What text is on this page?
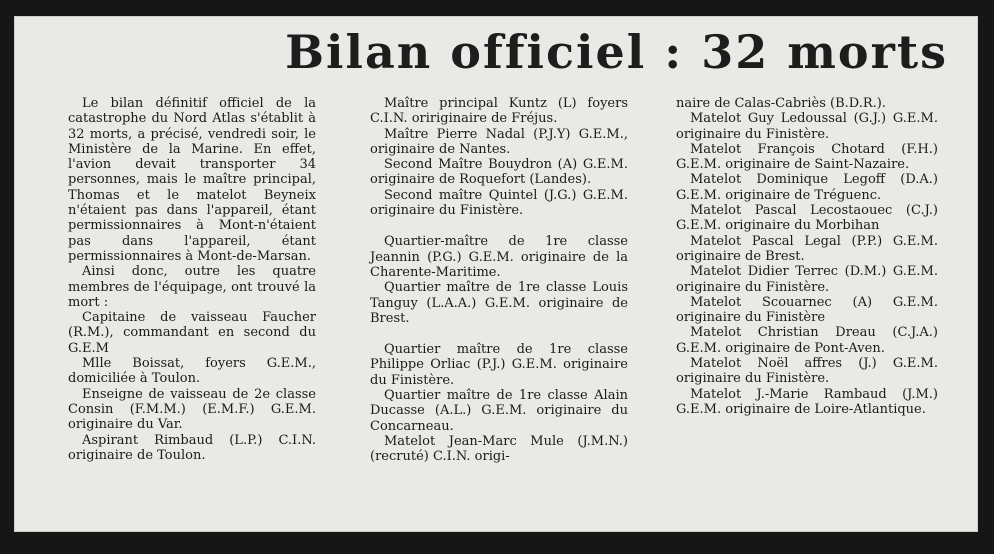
Bilan officiel : 32 morts

Le bilan définitif officiel de la catastrophe du Nord Atlas s'établit à 32 morts, a précisé, vendredi soir, le Ministère de la Marine. En effet, l'avion devait transporter 34 personnes, mais le maître principal, Thomas et le matelot Beyneix n'étaient pas dans l'appareil, étant permissionnaires à Mont-n'étaient pas dans l'appareil, étant permissionnaires à Mont-de-Marsan.

Ainsi donc, outre les quatre membres de l'équipage, ont trouvé la mort :

Capitaine de vaisseau Faucher (R.M.), commandant en second du G.E.M

Mlle Boissat, foyers G.E.M., domiciliée à Toulon.

Enseigne de vaisseau de 2e classe Consin (F.M.M.) (E.M.F.) G.E.M. originaire du Var.

Aspirant Rimbaud (L.P.) C.I.N. originaire de Toulon.

Maître principal Kuntz (L) foyers C.I.N. oririginaire de Fréjus.

Maître Pierre Nadal (P.J.Y) G.E.M., originaire de Nantes.

Second Maître Bouydron (A) G.E.M. originaire de Roquefort (Landes).

Second maître Quintel (J.G.) G.E.M. originaire du Finistère.

Quartier-maître de 1re classe Jeannin (P.G.) G.E.M. originaire de la Charente-Maritime.

Quartier maître de 1re classe Louis Tanguy (L.A.A.) G.E.M. originaire de Brest.

Quartier maître de 1re classe Philippe Orliac (P.J.) G.E.M. originaire du Finistère.

Quartier maître de 1re classe Alain Ducasse (A.L.) G.E.M. originaire du Concarneau.

Matelot Jean-Marc Mule (J.M.N.) (recruté) C.I.N. origi-

naire de Calas-Cabriès (B.D.R.).

Matelot Guy Ledoussal (G.J.) G.E.M. originaire du Finistère.

Matelot François Chotard (F.H.) G.E.M. originaire de Saint-Nazaire.

Matelot Dominique Legoff (D.A.) G.E.M. originaire de Tréguenc.

Matelot Pascal Lecostaouec (C.J.) G.E.M. originaire du Morbihan

Matelot Pascal Legal (P.P.) G.E.M. originaire de Brest.

Matelot Didier Terrec (D.M.) G.E.M. originaire du Finistère.

Matelot Scouarnec (A) G.E.M. originaire du Finistère

Matelot Christian Dreau (C.J.A.) G.E.M. originaire de Pont-Aven.

Matelot Noël affres (J.) G.E.M. originaire du Finistère.

Matelot J.-Marie Rambaud (J.M.) G.E.M. originaire de Loire-Atlantique.
